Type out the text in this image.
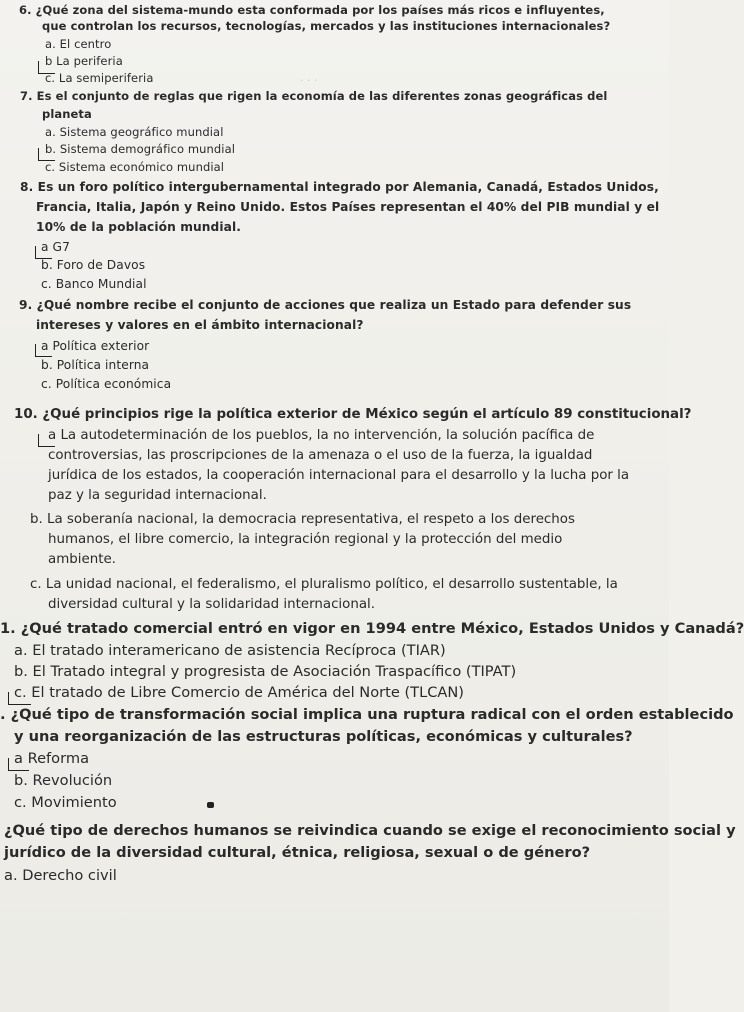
· · ·
6. ¿Qué zona del sistema-mundo esta conformada por los países más ricos e influyentes,
que controlan los recursos, tecnologías, mercados y las instituciones internacionales?
a. El centro
b La periferia
c. La semiperiferia
7. Es el conjunto de reglas que rigen la economía de las diferentes zonas geográficas del
planeta
a. Sistema geográfico mundial
b. Sistema demográfico mundial
c. Sistema económico mundial
8. Es un foro político intergubernamental integrado por Alemania, Canadá, Estados Unidos,
Francia, Italia, Japón y Reino Unido. Estos Países representan el 40% del PIB mundial y el
10% de la población mundial.
a G7
b. Foro de Davos
c. Banco Mundial
9. ¿Qué nombre recibe el conjunto de acciones que realiza un Estado para defender sus
intereses y valores en el ámbito internacional?
a Política exterior
b. Política interna
c. Política económica
10. ¿Qué principios rige la política exterior de México según el artículo 89 constitucional?
a La autodeterminación de los pueblos, la no intervención, la solución pacífica de
controversias, las proscripciones de la amenaza o el uso de la fuerza, la igualdad
jurídica de los estados, la cooperación internacional para el desarrollo y la lucha por la
paz y la seguridad internacional.
b. La soberanía nacional, la democracia representativa, el respeto a los derechos
humanos, el libre comercio, la integración regional y la protección del medio
ambiente.
c. La unidad nacional, el federalismo, el pluralismo político, el desarrollo sustentable, la
diversidad cultural y la solidaridad internacional.
1. ¿Qué tratado comercial entró en vigor en 1994 entre México, Estados Unidos y Canadá?
a. El tratado interamericano de asistencia Recíproca (TIAR)
b. El Tratado integral y progresista de Asociación Traspacífico (TIPAT)
c. El tratado de Libre Comercio de América del Norte (TLCAN)
. ¿Qué tipo de transformación social implica una ruptura radical con el orden establecido
y una reorganización de las estructuras políticas, económicas y culturales?
a Reforma
b. Revolución
c. Movimiento
¿Qué tipo de derechos humanos se reivindica cuando se exige el reconocimiento social y
jurídico de la diversidad cultural, étnica, religiosa, sexual o de género?
a. Derecho civil
